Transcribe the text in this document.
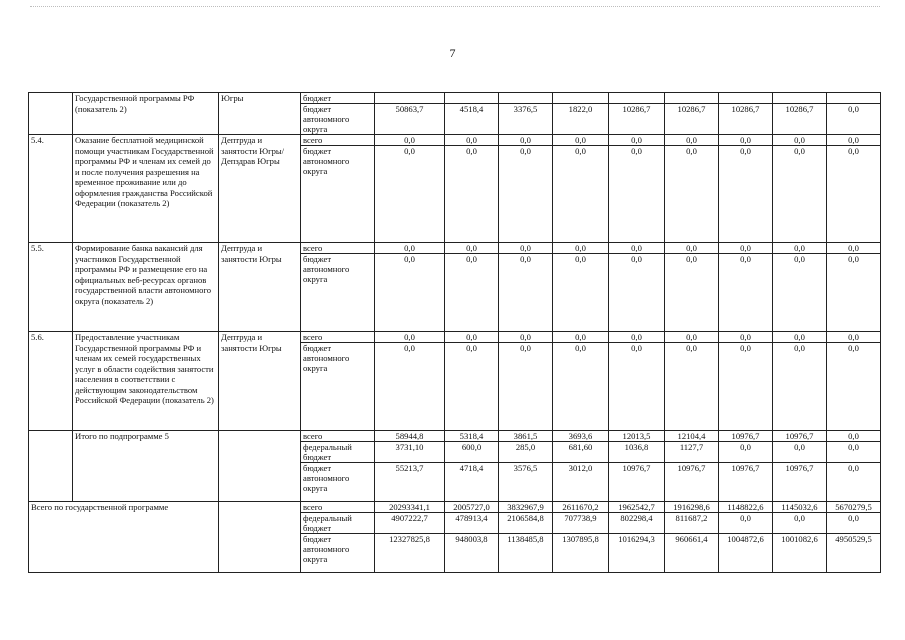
7
	Государственной программы РФ (показатель 2)	Югры	бюджет									
			бюджет автономного округа	50863,7	4518,4	3376,5	1822,0	10286,7	10286,7	10286,7	10286,7	0,0
5.4.	Оказание бесплатной медицинской помощи участникам Государственной программы РФ и членам их семей до и после получения разрешения на временное проживание или до оформления гражданства Российской Федерации (показатель 2)	Дептруда и занятости Югры/Депздрав Югры	всего	0,0	0,0	0,0	0,0	0,0	0,0	0,0	0,0	0,0
			бюджет автономного округа	0,0	0,0	0,0	0,0	0,0	0,0	0,0	0,0	0,0
5.5.	Формирование банка вакансий для участников Государственной программы РФ и размещение его на официальных веб-ресурсах органов государственной власти автономного округа (показатель 2)	Дептруда и занятости Югры	всего	0,0	0,0	0,0	0,0	0,0	0,0	0,0	0,0	0,0
			бюджет автономного округа	0,0	0,0	0,0	0,0	0,0	0,0	0,0	0,0	0,0
5.6.	Предоставление участникам Государственной программы РФ и членам их семей государственных услуг в области содействия занятости населения в соответствии с действующим законодательством Российской Федерации (показатель 2)	Дептруда и занятости Югры	всего	0,0	0,0	0,0	0,0	0,0	0,0	0,0	0,0	0,0
			бюджет автономного округа	0,0	0,0	0,0	0,0	0,0	0,0	0,0	0,0	0,0
	Итого по подпрограмме 5		всего	58944,8	5318,4	3861,5	3693,6	12013,5	12104,4	10976,7	10976,7	0,0
			федеральный бюджет	3731,10	600,0	285,0	681,60	1036,8	1127,7	0,0	0,0	0,0
			бюджет автономного округа	55213,7	4718,4	3576,5	3012,0	10976,7	10976,7	10976,7	10976,7	0,0
Всего по государственной программе			всего	20293341,1	2005727,0	3832967,9	2611670,2	1962542,7	1916298,6	1148822,6	1145032,6	5670279,5
			федеральный бюджет	4907222,7	478913,4	2106584,8	707738,9	802298,4	811687,2	0,0	0,0	0,0
			бюджет автономного округа	12327825,8	948003,8	1138485,8	1307895,8	1016294,3	960661,4	1004872,6	1001082,6	4950529,5
